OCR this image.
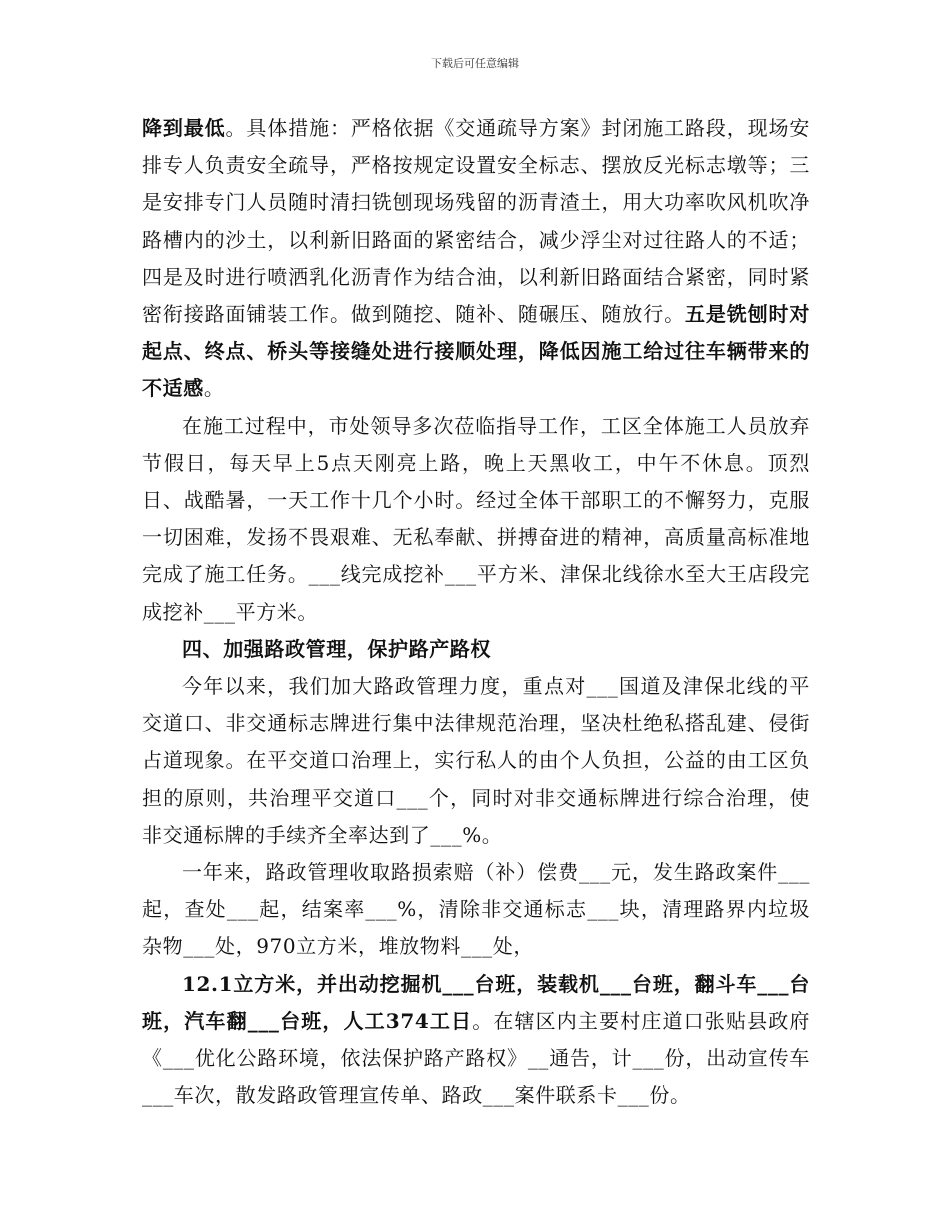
下载后可任意编辑

降到最低。具体措施：严格依据《交通疏导方案》封闭施工路段，现场安排专人负责安全疏导，严格按规定设置安全标志、摆放反光标志墩等；三是安排专门人员随时清扫铣刨现场残留的沥青渣土，用大功率吹风机吹净路槽内的沙土，以利新旧路面的紧密结合，减少浮尘对过往路人的不适；四是及时进行喷洒乳化沥青作为结合油，以利新旧路面结合紧密，同时紧密衔接路面铺装工作。做到随挖、随补、随碾压、随放行。五是铣刨时对起点、终点、桥头等接缝处进行接顺处理，降低因施工给过往车辆带来的不适感。

在施工过程中，市处领导多次莅临指导工作，工区全体施工人员放弃节假日，每天早上5点天刚亮上路，晚上天黑收工，中午不休息。顶烈日、战酷暑，一天工作十几个小时。经过全体干部职工的不懈努力，克服一切困难，发扬不畏艰难、无私奉献、拼搏奋进的精神，高质量高标准地完成了施工任务。___线完成挖补___平方米、津保北线徐水至大王店段完成挖补___平方米。

四、加强路政管理，保护路产路权

今年以来，我们加大路政管理力度，重点对___国道及津保北线的平交道口、非交通标志牌进行集中法律规范治理，坚决杜绝私搭乱建、侵街占道现象。在平交道口治理上，实行私人的由个人负担，公益的由工区负担的原则，共治理平交道口___个，同时对非交通标牌进行综合治理，使非交通标牌的手续齐全率达到了___%。

一年来，路政管理收取路损索赔（补）偿费___元，发生路政案件___起，查处___起，结案率___%，清除非交通标志___块，清理路界内垃圾杂物___处，970立方米，堆放物料___处，

12.1立方米，并出动挖掘机___台班，装载机___台班，翻斗车___台班，汽车翻___台班，人工374工日。在辖区内主要村庄道口张贴县政府《___优化公路环境，依法保护路产路权》__通告，计___份，出动宣传车___车次，散发路政管理宣传单、路政___案件联系卡___份。
